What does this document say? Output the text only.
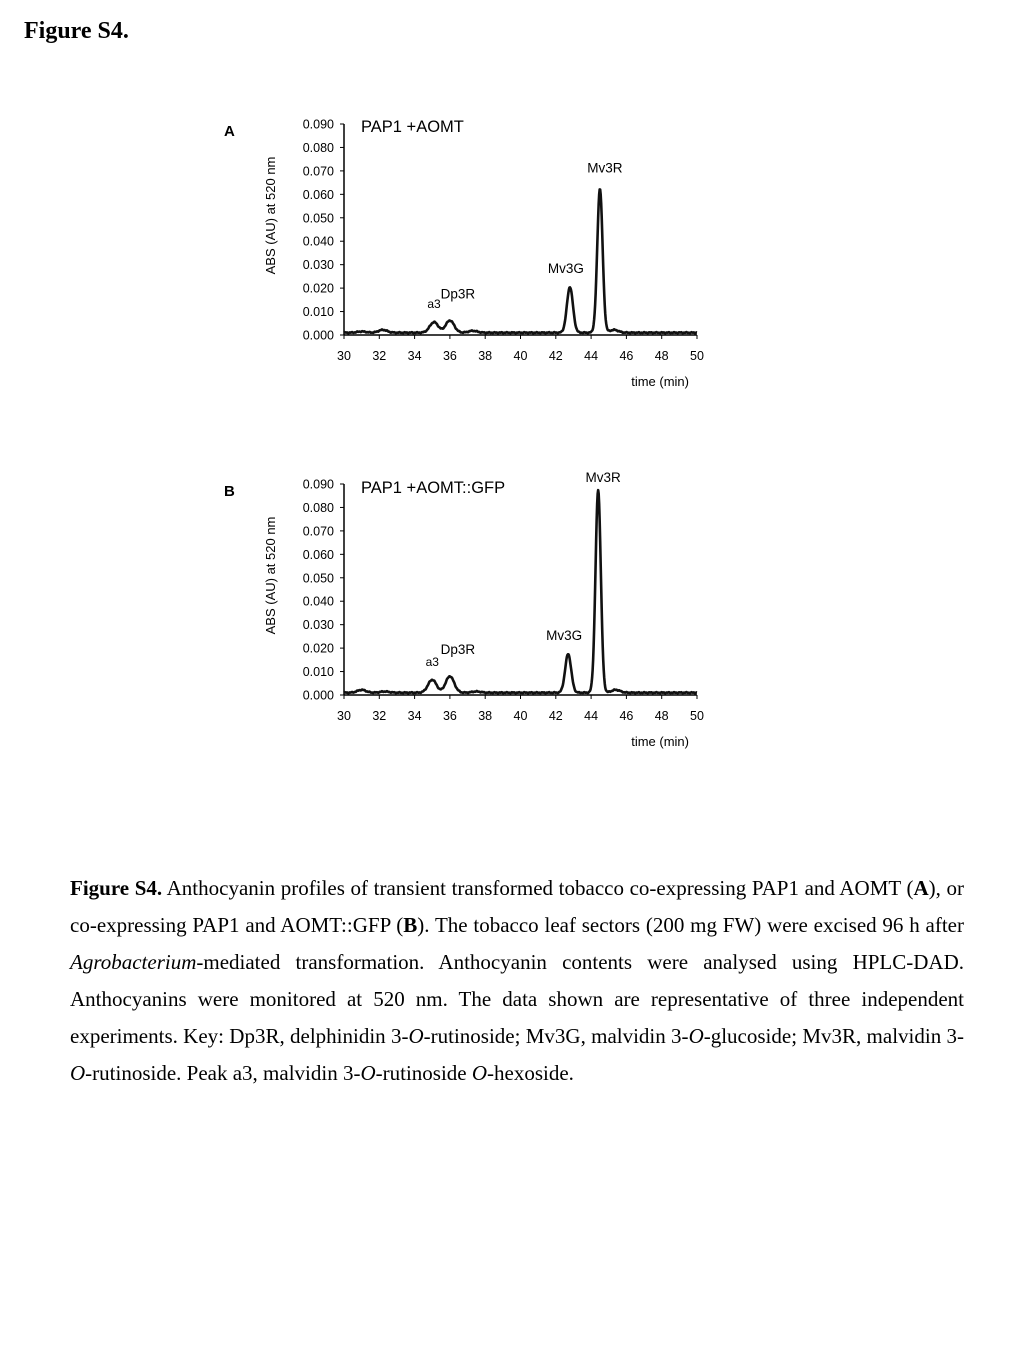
Figure S4.
A
ABS (AU) at 520 nm
0.000
0.010
0.020
0.030
0.040
0.050
0.060
0.070
0.080
0.090
30 32 34 36 38 40 42 44 46 48 50
time (min)
PAP1 +AOMT
a3
Dp3R
Mv3G
Mv3R
B
ABS (AU) at 520 nm
0.000
0.010
0.020
0.030
0.040
0.050
0.060
0.070
0.080
0.090
30 32 34 36 38 40 42 44 46 48 50
time (min)
PAP1 +AOMT::GFP
a3
Dp3R
Mv3G
Mv3R
Figure S4. Anthocyanin profiles of transient transformed tobacco co-expressing PAP1 and AOMT (A), or co-expressing PAP1 and AOMT::GFP (B). The tobacco leaf sectors (200 mg FW) were excised 96 h after Agrobacterium-mediated transformation. Anthocyanin contents were analysed using HPLC-DAD. Anthocyanins were monitored at 520 nm. The data shown are representative of three independent experiments. Key: Dp3R, delphinidin 3-O-rutinoside; Mv3G, malvidin 3-O-glucoside; Mv3R, malvidin 3-O-rutinoside. Peak a3, malvidin 3-O-rutinoside O-hexoside.
